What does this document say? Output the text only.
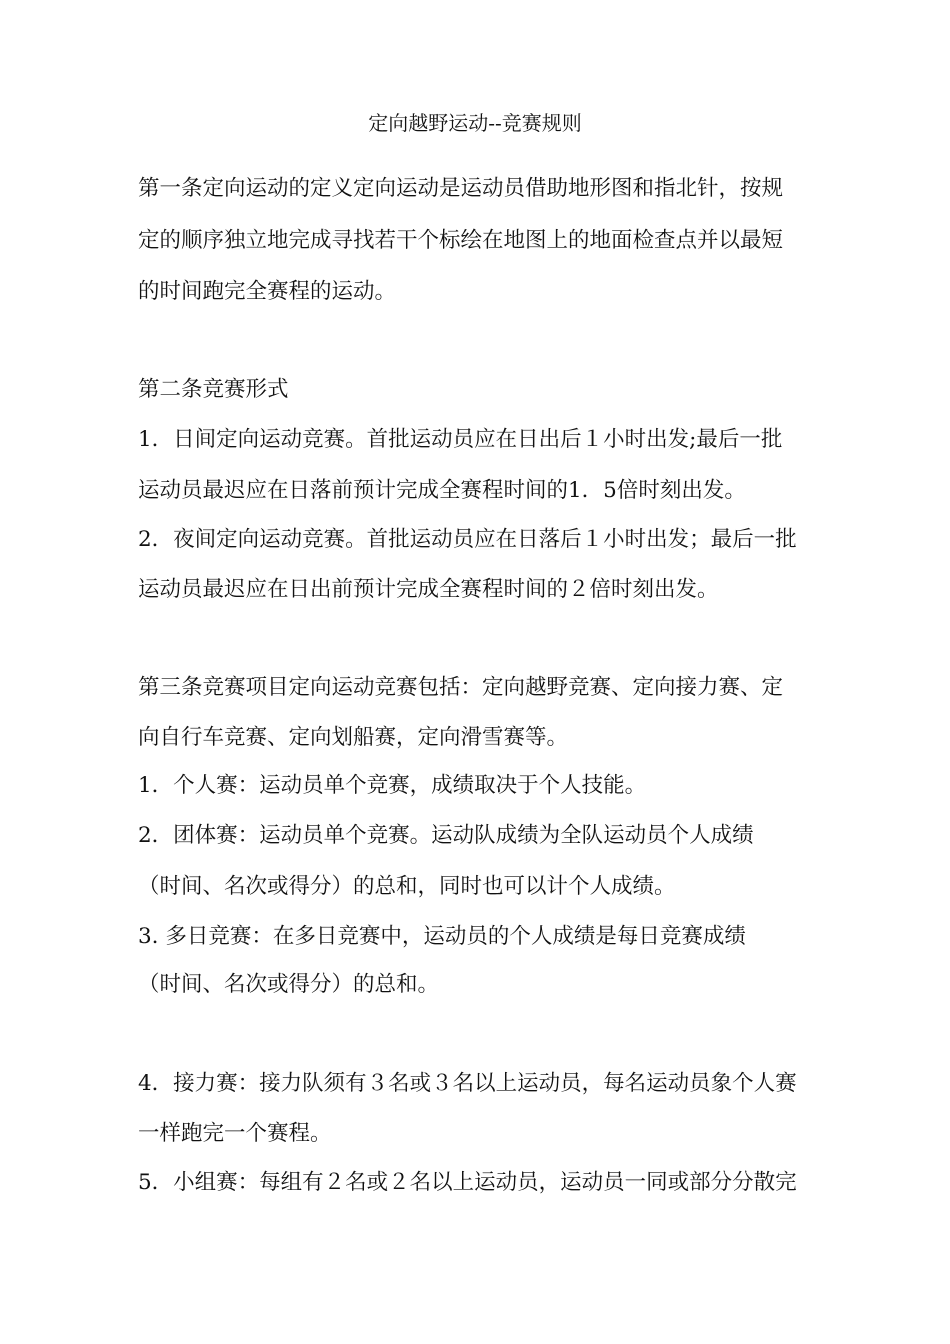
定向越野运动--竞赛规则
第一条定向运动的定义定向运动是运动员借助地形图和指北针，按规
定的顺序独立地完成寻找若干个标绘在地图上的地面检查点并以最短
的时间跑完全赛程的运动。
第二条竞赛形式
1．日间定向运动竞赛。首批运动员应在日出后１小时出发;最后一批
运动员最迟应在日落前预计完成全赛程时间的1．5倍时刻出发。
2．夜间定向运动竞赛。首批运动员应在日落后１小时出发；最后一批
运动员最迟应在日出前预计完成全赛程时间的２倍时刻出发。
第三条竞赛项目定向运动竞赛包括：定向越野竞赛、定向接力赛、定
向自行车竞赛、定向划船赛，定向滑雪赛等。
1．个人赛：运动员单个竞赛，成绩取决于个人技能。
2．团体赛：运动员单个竞赛。运动队成绩为全队运动员个人成绩
（时间、名次或得分）的总和，同时也可以计个人成绩。
3. 多日竞赛：在多日竞赛中，运动员的个人成绩是每日竞赛成绩
（时间、名次或得分）的总和。
4．接力赛：接力队须有３名或３名以上运动员，每名运动员象个人赛
一样跑完一个赛程。
5．小组赛：每组有２名或２名以上运动员，运动员一同或部分分散完
